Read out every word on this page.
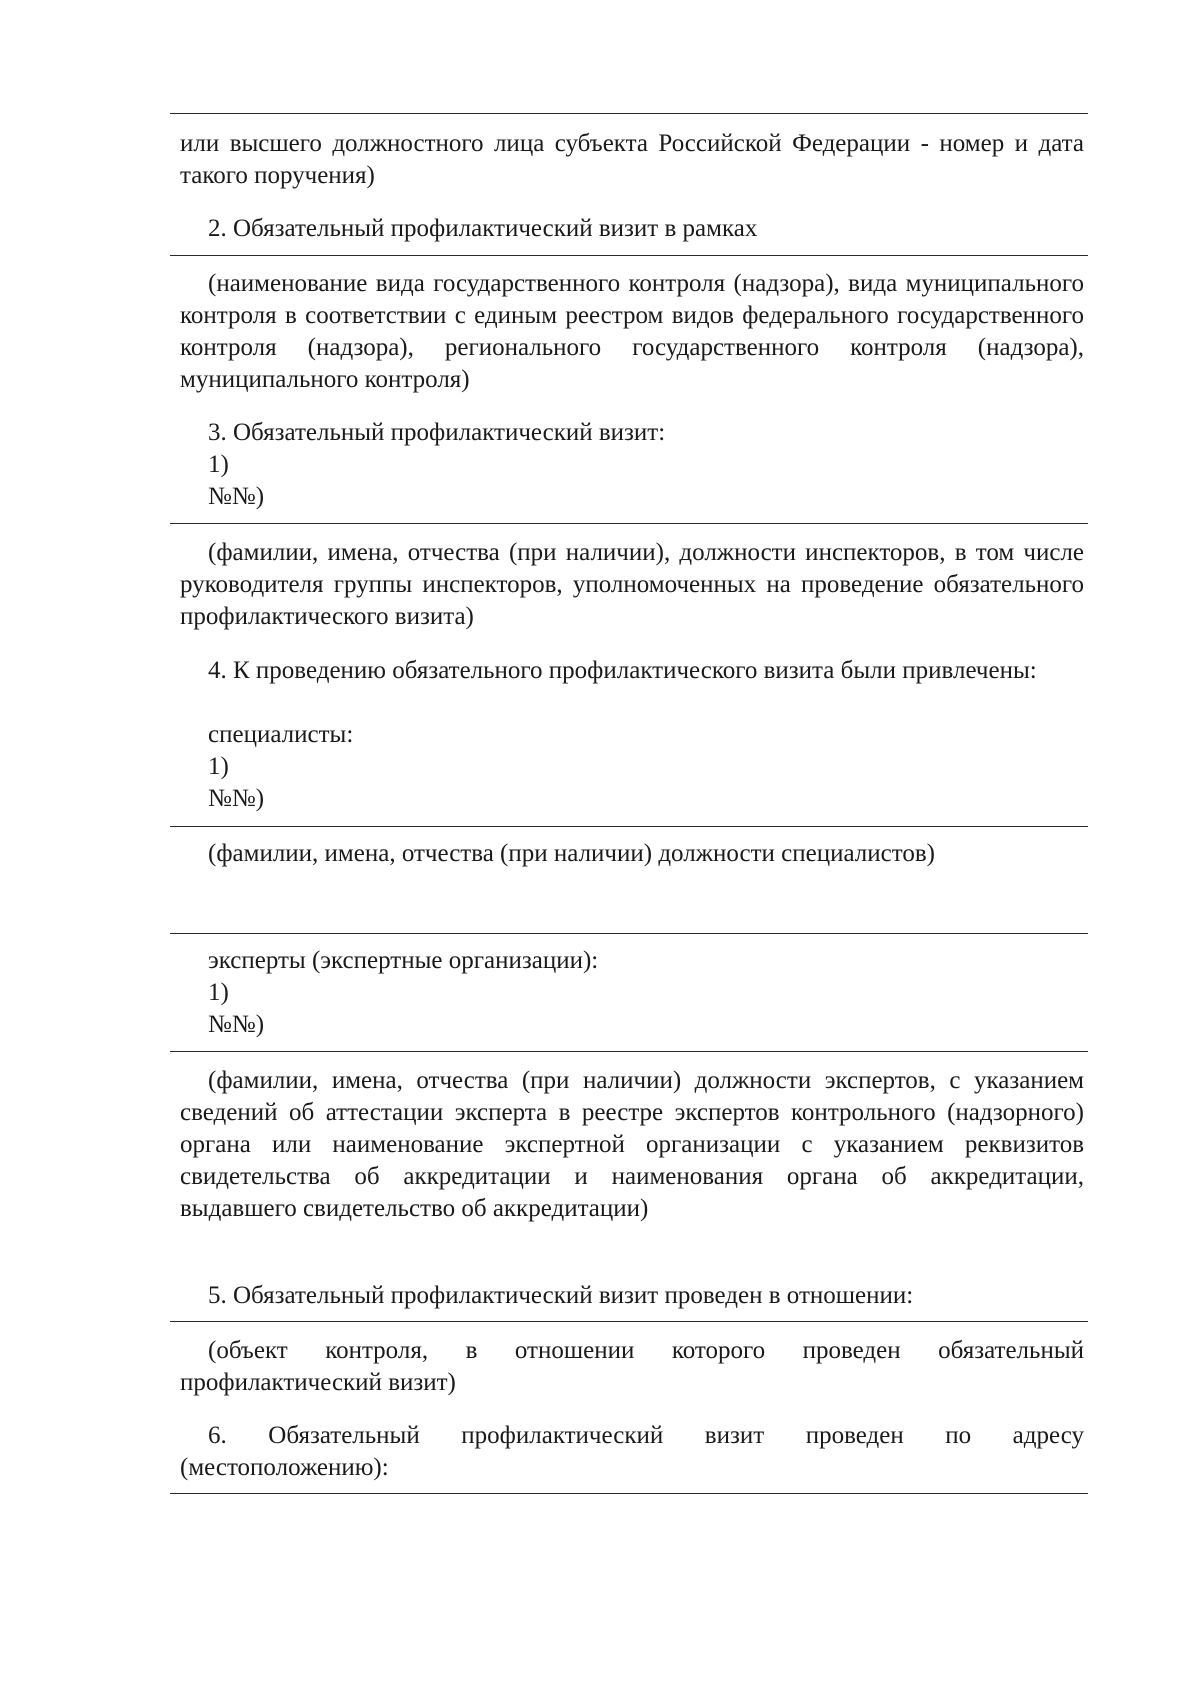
или высшего должностного лица субъекта Российской Федерации - номер и дата такого поручения)

2. Обязательный профилактический визит в рамках

(наименование вида государственного контроля (надзора), вида муниципального контроля в соответствии с единым реестром видов федерального государственного контроля (надзора), регионального государственного контроля (надзора), муниципального контроля)

3. Обязательный профилактический визит:

1)

№№)

(фамилии, имена, отчества (при наличии), должности инспекторов, в том числе руководителя группы инспекторов, уполномоченных на проведение обязательного профилактического визита)

4. К проведению обязательного профилактического визита были привлечены:

специалисты:

1)

№№)

(фамилии, имена, отчества (при наличии) должности специалистов)

эксперты (экспертные организации):

1)

№№)

(фамилии, имена, отчества (при наличии) должности экспертов, с указанием сведений об аттестации эксперта в реестре экспертов контрольного (надзорного) органа или наименование экспертной организации с указанием реквизитов свидетельства об аккредитации и наименования органа об аккредитации, выдавшего свидетельство об аккредитации)

5. Обязательный профилактический визит проведен в отношении:

(объект контроля, в отношении которого проведен обязательный профилактический визит)

6. Обязательный профилактический визит проведен по адресу (местоположению):
